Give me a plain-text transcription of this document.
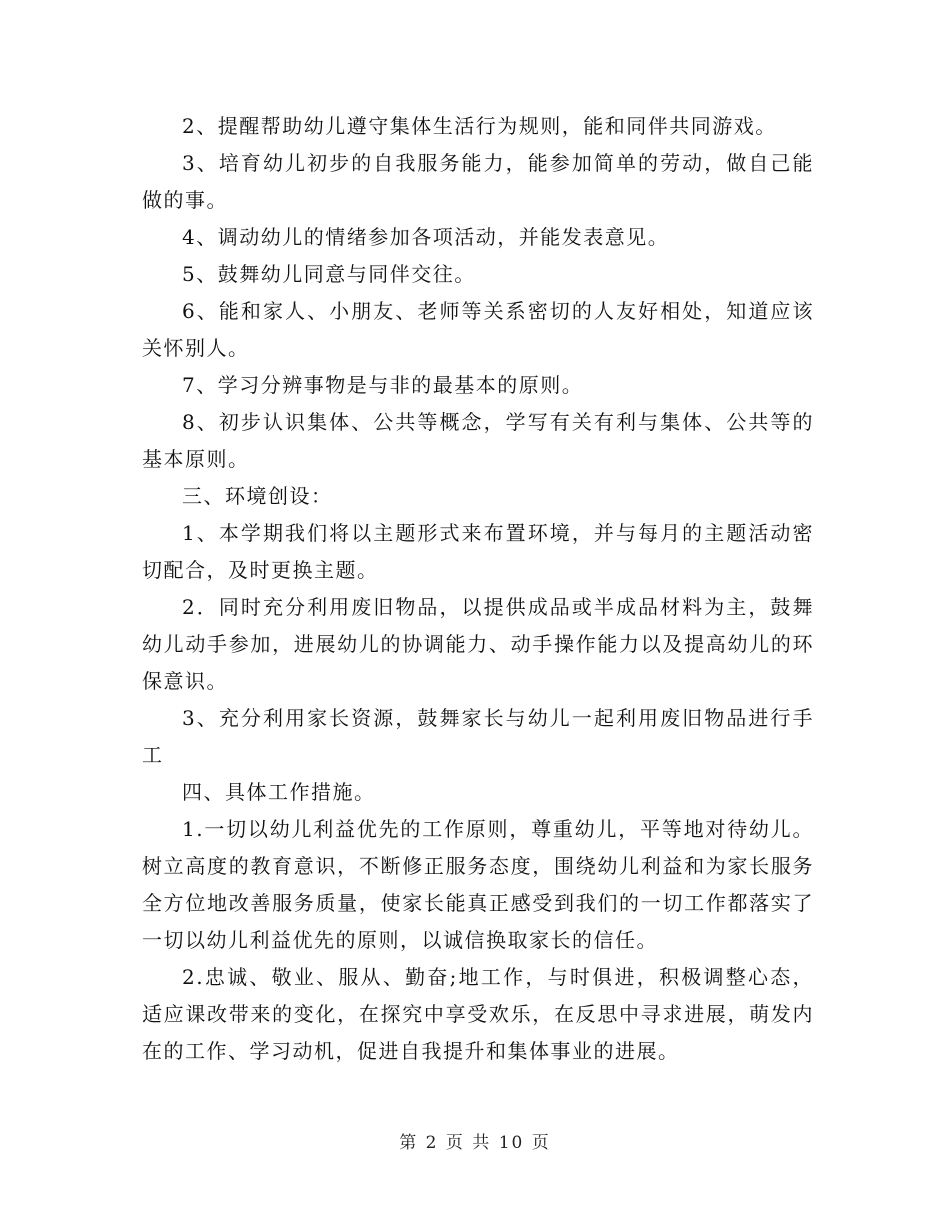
2、提醒帮助幼儿遵守集体生活行为规则，能和同伴共同游戏。

3、培育幼儿初步的自我服务能力，能参加简单的劳动，做自己能做的事。

4、调动幼儿的情绪参加各项活动，并能发表意见。

5、鼓舞幼儿同意与同伴交往。

6、能和家人、小朋友、老师等关系密切的人友好相处，知道应该关怀别人。

7、学习分辨事物是与非的最基本的原则。

8、初步认识集体、公共等概念，学写有关有利与集体、公共等的基本原则。

三、环境创设：

1、本学期我们将以主题形式来布置环境，并与每月的主题活动密切配合，及时更换主题。

2．同时充分利用废旧物品，以提供成品或半成品材料为主，鼓舞幼儿动手参加，进展幼儿的协调能力、动手操作能力以及提高幼儿的环保意识。

3、充分利用家长资源，鼓舞家长与幼儿一起利用废旧物品进行手工

四、具体工作措施。

1.一切以幼儿利益优先的工作原则，尊重幼儿，平等地对待幼儿。树立高度的教育意识，不断修正服务态度，围绕幼儿利益和为家长服务全方位地改善服务质量，使家长能真正感受到我们的一切工作都落实了一切以幼儿利益优先的原则，以诚信换取家长的信任。

2.忠诚、敬业、服从、勤奋;地工作，与时俱进，积极调整心态，适应课改带来的变化，在探究中享受欢乐，在反思中寻求进展，萌发内在的工作、学习动机，促进自我提升和集体事业的进展。

第 2 页 共 10 页
